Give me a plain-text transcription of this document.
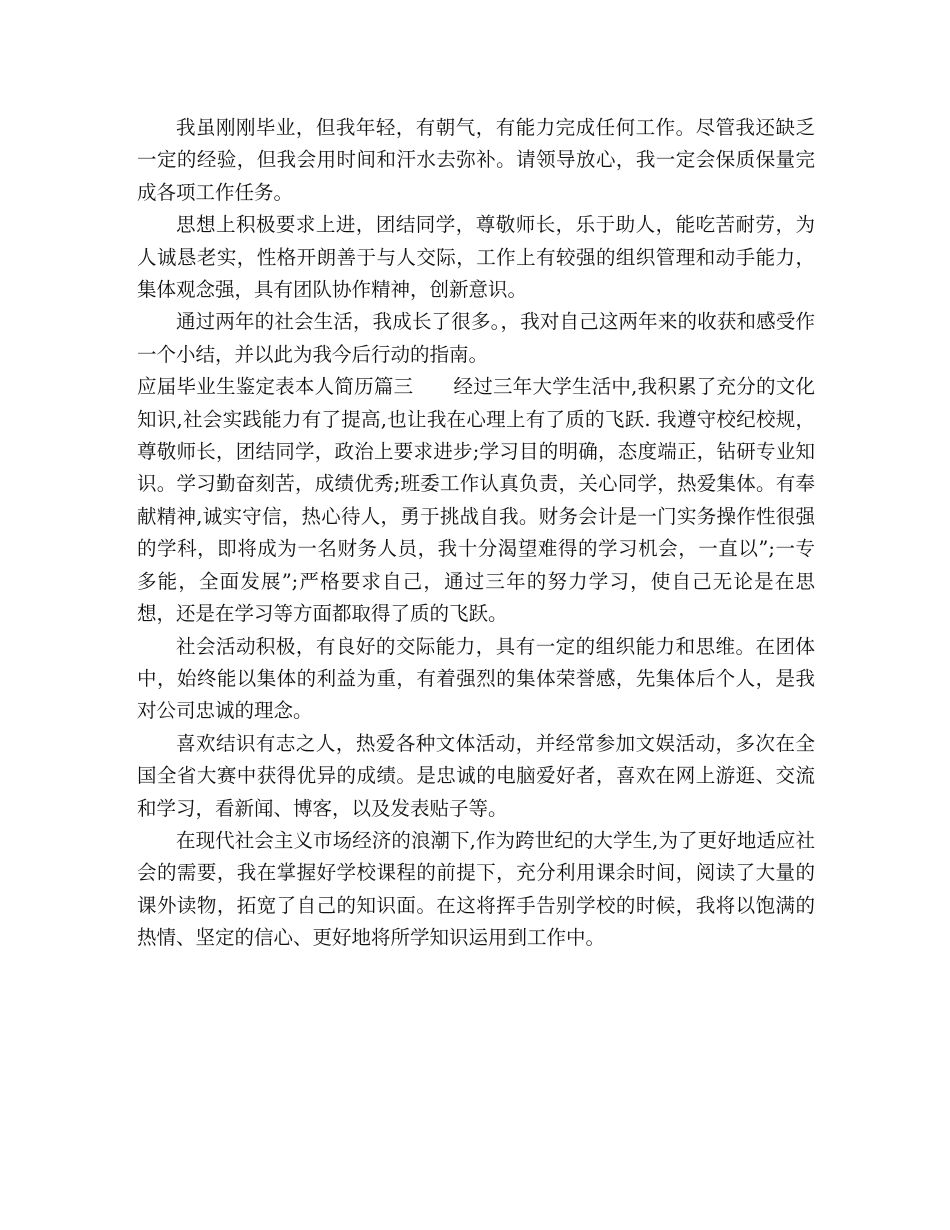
我虽刚刚毕业，但我年轻，有朝气，有能力完成任何工作。尽管我还缺乏一定的经验，但我会用时间和汗水去弥补。请领导放心，我一定会保质保量完成各项工作任务。

思想上积极要求上进，团结同学，尊敬师长，乐于助人，能吃苦耐劳，为人诚恳老实，性格开朗善于与人交际，工作上有较强的组织管理和动手能力，集体观念强，具有团队协作精神，创新意识。

通过两年的社会生活，我成长了很多。，我对自己这两年来的收获和感受作一个小结，并以此为我今后行动的指南。

应届毕业生鉴定表本人简历篇三 经过三年大学生活中,我积累了充分的文化知识,社会实践能力有了提高,也让我在心理上有了质的飞跃. 我遵守校纪校规，尊敬师长，团结同学，政治上要求进步;学习目的明确，态度端正，钻研专业知识。学习勤奋刻苦，成绩优秀;班委工作认真负责，关心同学，热爱集体。有奉献精神,诚实守信，热心待人，勇于挑战自我。财务会计是一门实务操作性很强的学科，即将成为一名财务人员，我十分渴望难得的学习机会，一直以”;一专多能，全面发展”;严格要求自己，通过三年的努力学习，使自己无论是在思想，还是在学习等方面都取得了质的飞跃。

社会活动积极，有良好的交际能力，具有一定的组织能力和思维。在团体中，始终能以集体的利益为重，有着强烈的集体荣誉感，先集体后个人，是我对公司忠诚的理念。

喜欢结识有志之人，热爱各种文体活动，并经常参加文娱活动，多次在全国全省大赛中获得优异的成绩。是忠诚的电脑爱好者，喜欢在网上游逛、交流和学习，看新闻、博客，以及发表贴子等。

在现代社会主义市场经济的浪潮下,作为跨世纪的大学生,为了更好地适应社会的需要，我在掌握好学校课程的前提下，充分利用课余时间，阅读了大量的课外读物，拓宽了自己的知识面。在这将挥手告别学校的时候，我将以饱满的热情、坚定的信心、更好地将所学知识运用到工作中。
